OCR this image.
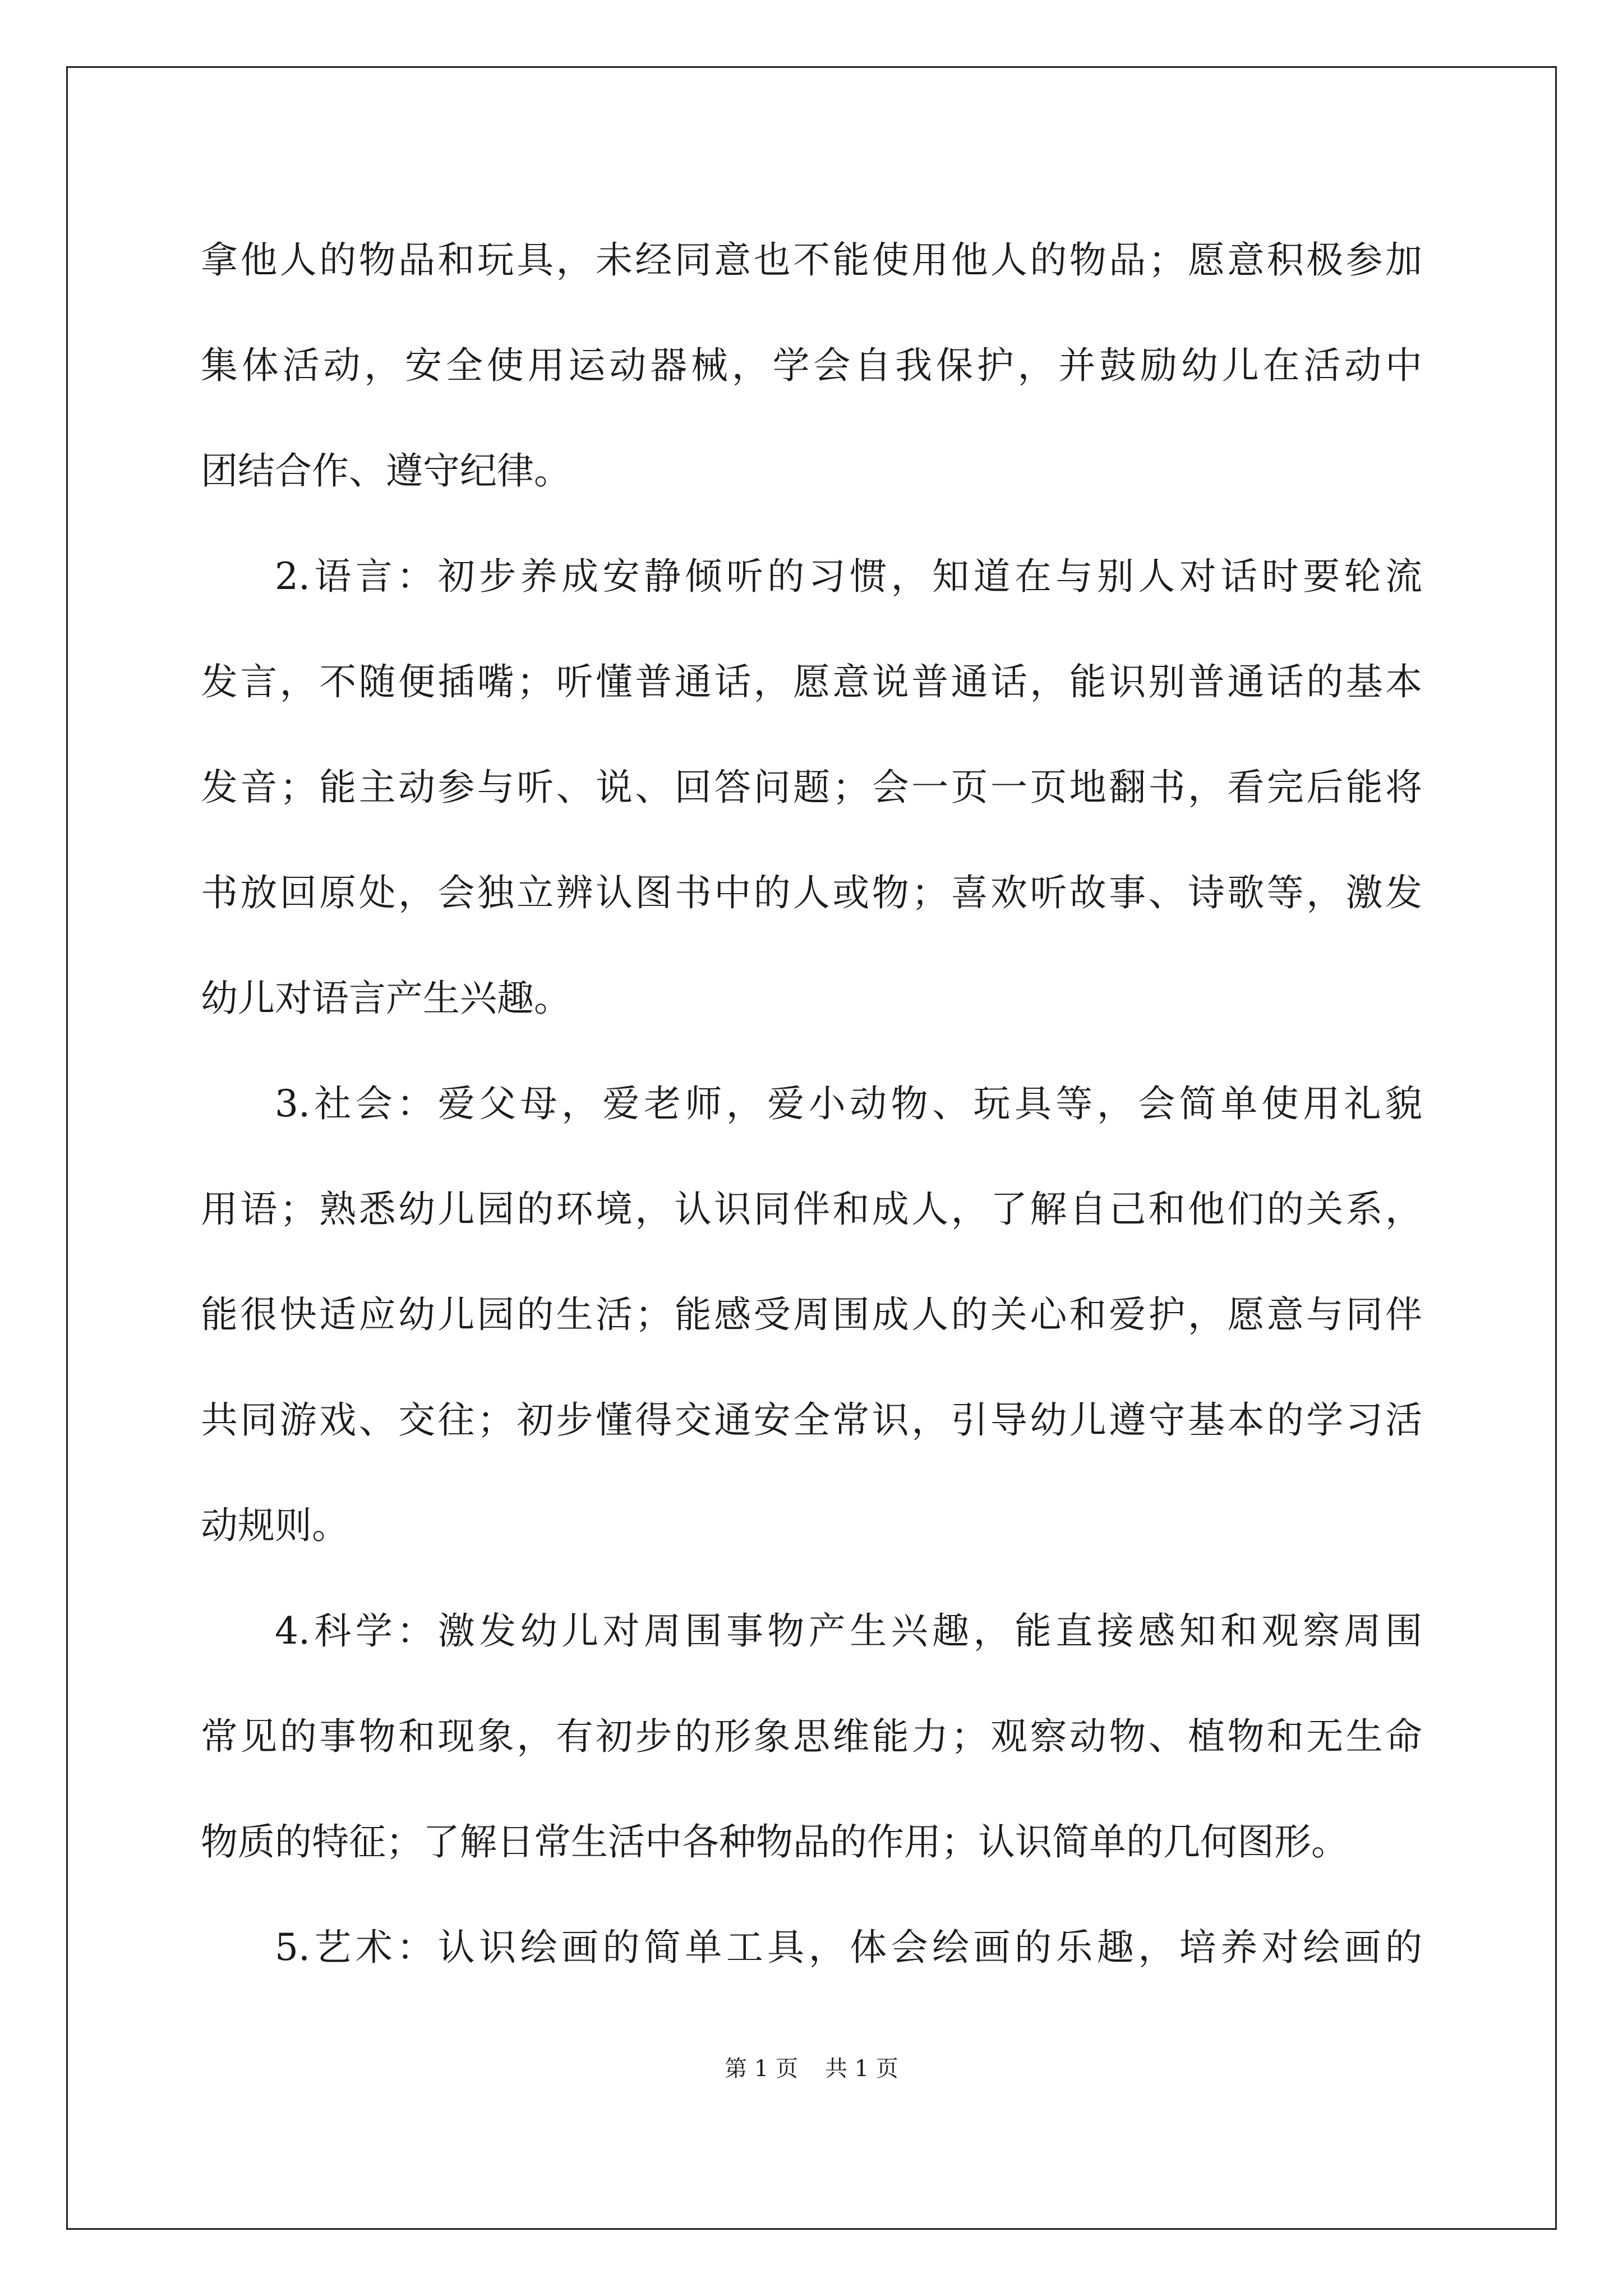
拿他人的物品和玩具，未经同意也不能使用他人的物品；愿意积极参加
集体活动，安全使用运动器械，学会自我保护，并鼓励幼儿在活动中
团结合作、遵守纪律。
2.语言：初步养成安静倾听的习惯，知道在与别人对话时要轮流
发言，不随便插嘴；听懂普通话，愿意说普通话，能识别普通话的基本
发音；能主动参与听、说、回答问题；会一页一页地翻书，看完后能将
书放回原处，会独立辨认图书中的人或物；喜欢听故事、诗歌等，激发
幼儿对语言产生兴趣。
3.社会：爱父母，爱老师，爱小动物、玩具等，会简单使用礼貌
用语；熟悉幼儿园的环境，认识同伴和成人，了解自己和他们的关系，
能很快适应幼儿园的生活；能感受周围成人的关心和爱护，愿意与同伴
共同游戏、交往；初步懂得交通安全常识，引导幼儿遵守基本的学习活
动规则。
4.科学：激发幼儿对周围事物产生兴趣，能直接感知和观察周围
常见的事物和现象，有初步的形象思维能力；观察动物、植物和无生命
物质的特征；了解日常生活中各种物品的作用；认识简单的几何图形。
5.艺术：认识绘画的简单工具，体会绘画的乐趣，培养对绘画的
第 1 页 共 1 页
